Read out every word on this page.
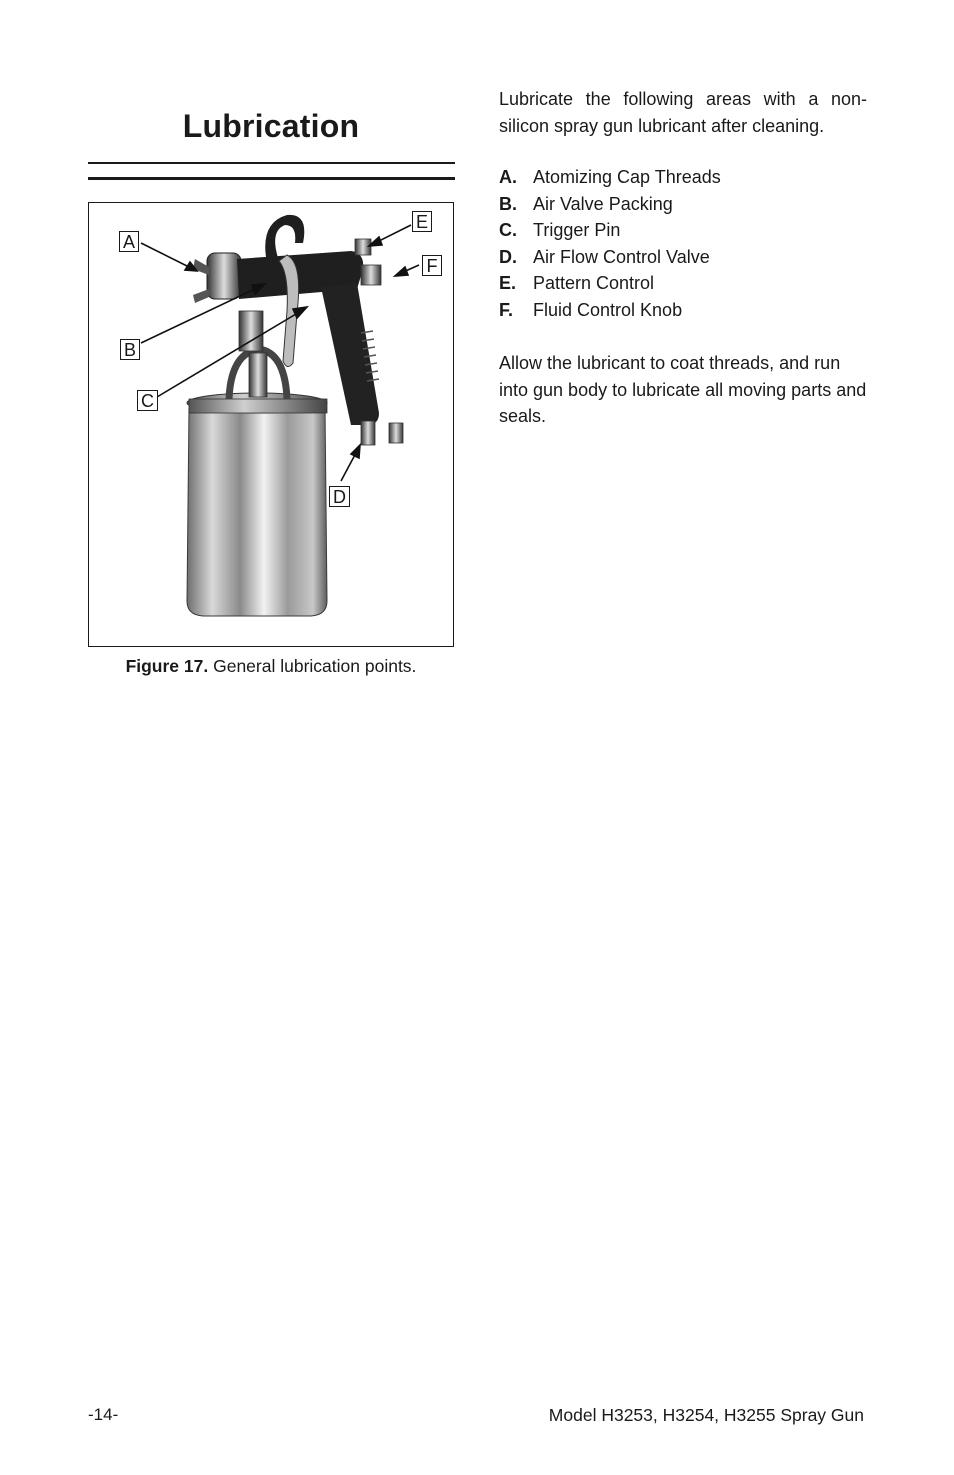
Lubrication
A
B
C
D
E
F
Figure 17. General lubrication points.
Lubricate the following areas with a non-silicon spray gun lubricant after cleaning.
A. Atomizing Cap Threads
B. Air Valve Packing
C. Trigger Pin
D. Air Flow Control Valve
E. Pattern Control
F. Fluid Control Knob
Allow the lubricant to coat threads, and run into gun body to lubricate all moving parts and seals.
-14-	Model H3253, H3254, H3255 Spray Gun
